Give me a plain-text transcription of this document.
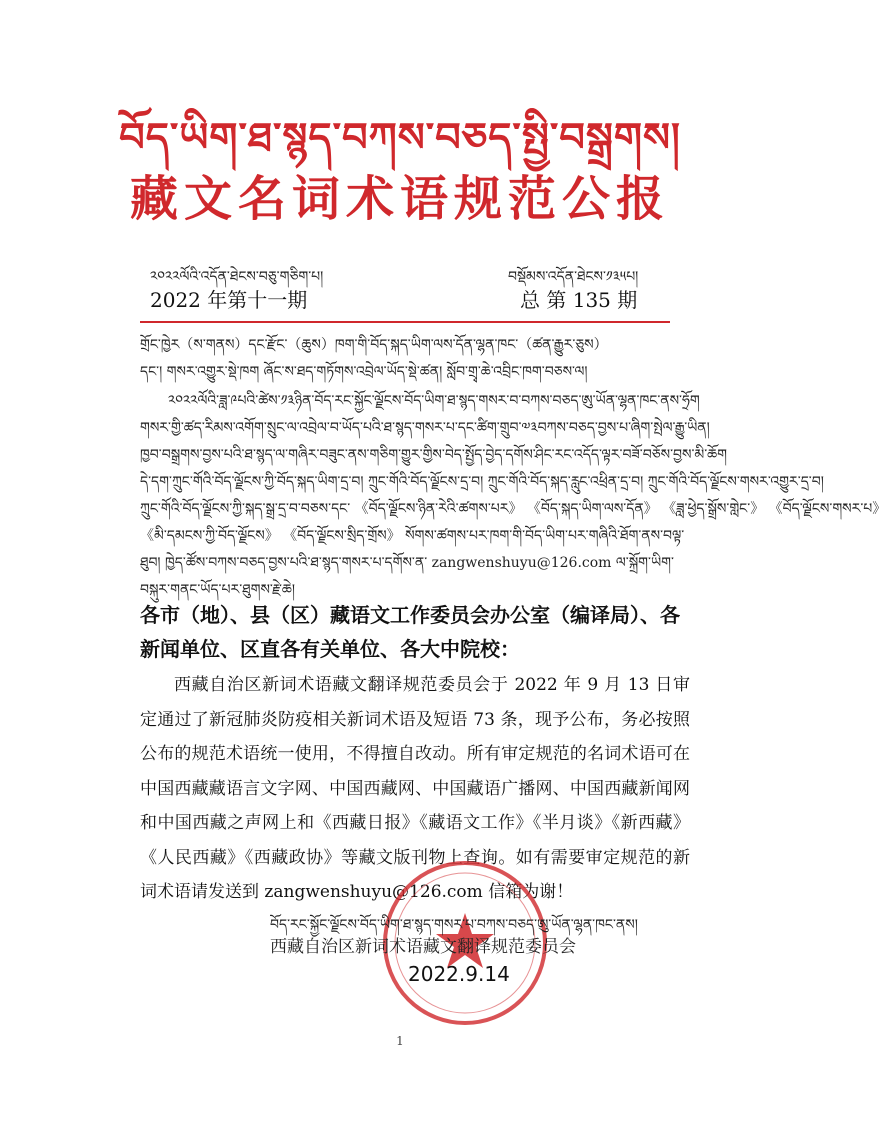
བོད་ཡིག་ཐ་སྙད་བཀས་བཅད་སྤྱི་བསྒྲགས།
藏文名词术语规范公报
༢༠༢༢ལོའི་འདོན་ཐེངས་བཅུ་གཅིག་པ།
2022 年第十一期
བསྡོམས་འདོན་ཐེངས་༡༣༥པ།
总 第 135 期

གྲོང་ཁྱེར（ས་གནས）དང་རྫོང་（ཆུས）ཁག་གི་བོད་སྐད་ཡིག་ལས་དོན་ལྷན་ཁང་（ཚན་རྒྱུར་ཅུས）

དང་། གསར་འགྱུར་སྡེ་ཁག ཞོང་ས་ཐད་གཏོགས་འབྲེལ་ཡོད་སྡེ་ཚན། སློབ་གྲྭ་ཆེ་འབྲིང་ཁག་བཅས་ལ།

༢༠༢༢ལོའི་ཟླ་༩པའི་ཚེས་༡༣ཉིན་བོད་རང་སྐྱོང་ལྗོངས་བོད་ཡིག་ཐ་སྙད་གསར་བ་བཀས་བཅད་ཨུ་ཡོན་ལྷན་ཁང་ནས་ཧྲོག

གསར་གྱི་ཚད་རིམས་འགོག་སྲུང་ལ་འབྲེལ་བ་ཡོད་པའི་ཐ་སྙད་གསར་པ་དང་ཚིག་གྲུབ་༧༣བཀས་བཅད་བྱས་པ་ཞིག་སྤེལ་རྒྱུ་ཡིན།

ཁྱབ་བསྒྲགས་བྱས་པའི་ཐ་སྙད་ལ་གཞིར་བཟུང་ནས་གཅིག་གྱུར་གྱིས་བེད་སྤྱོད་བྱེད་དགོས་ཤིང་རང་འདོད་ལྟར་བཟོ་བཅོས་བྱས་མི་ཆོག

དེ་དག་ཀྲུང་གོའི་བོད་ལྗོངས་ཀྱི་བོད་སྐད་ཡིག་དྲ་བ། ཀྲུང་གོའི་བོད་ལྗོངས་དྲ་བ། ཀྲུང་གོའི་བོད་སྐད་རླུང་འཕྲིན་དྲ་བ། ཀྲུང་གོའི་བོད་ལྗོངས་གསར་འགྱུར་དྲ་བ།

ཀྲུང་གོའི་བོད་ལྗོངས་ཀྱི་སྐད་སྒྲ་དྲ་བ་བཅས་དང་ 《བོད་ལྗོངས་ཉིན་རེའི་ཚགས་པར》 《བོད་སྐད་ཡིག་ལས་དོན》 《ཟླ་ཕྱེད་སྒྲོས་གླེང་》 《བོད་ལྗོངས་གསར་པ》

《མི་དམངས་ཀྱི་བོད་ལྗོངས》 《བོད་ལྗོངས་སྲིད་གྲོས》 སོགས་ཚགས་པར་ཁག་གི་བོད་ཡིག་པར་གཞིའི་ཐོག་ནས་བལྟ་ཐུབ། ཁྱེད་ཚོས་བཀས་བཅད་བྱས་པའི་ཐ་སྙད་གསར་པ་དགོས་ན་ zangwenshuyu@126.com ལ་སྐྲོག་ཡིག་བསྐུར་གནང་ཡོད་པར་ཐུགས་རྗེ་ཆེ།

各市（地）、县（区）藏语文工作委员会办公室（编译局）、各新闻单位、区直各有关单位、各大中院校：
西藏自治区新词术语藏文翻译规范委员会于 2022 年 9 月 13 日审定通过了新冠肺炎防疫相关新词术语及短语 73 条，现予公布，务必按照公布的规范术语统一使用，不得擅自改动。所有审定规范的名词术语可在中国西藏藏语言文字网、中国西藏网、中国藏语广播网、中国西藏新闻网和中国西藏之声网上和《西藏日报》《藏语文工作》《半月谈》《新西藏》《人民西藏》《西藏政协》等藏文版刊物上查询。如有需要审定规范的新词术语请发送到 zangwenshuyu@126.com 信箱为谢！
བོད་རང་སྐྱོང་ལྗོངས་བོད་ཡིག་ཐ་སྙད་གསར་པ་བཀས་བཅད་ཨུ་ཡོན་ལྷན་ཁང་ནས།
西藏自治区新词术语藏文翻译规范委员会
2022.9.14
1
